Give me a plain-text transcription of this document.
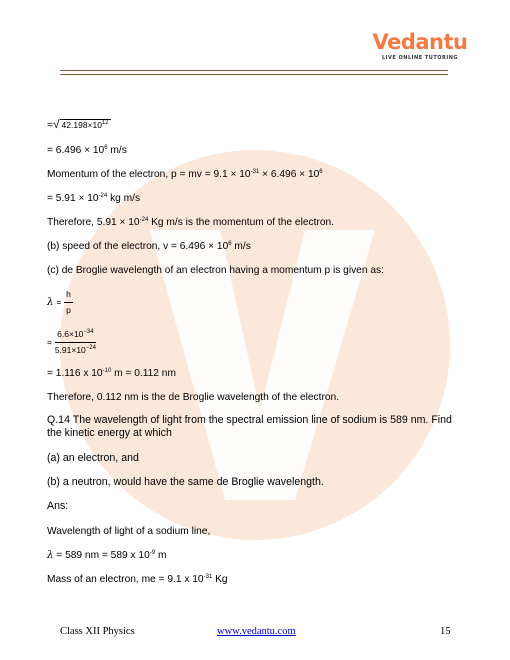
Vedantu
LIVE ONLINE TUTORING
=√ $42.198\times 10^{12}$
= $6.496 \times 10^6$ m/s
Momentum of the electron, p = mv = $9.1 \times 10^{-31} \times 6.496 \times 10^6$
= $5.91 \times 10^{-24}$ kg m/s
Therefore, $5.91 \times 10^{-24}$ Kg m/s is the momentum of the electron.
(b) speed of the electron, $v = 6.496 \times 10^6$ m/s
(c) de Broglie wavelength of an electron having a momentum p is given as:
$\lambda = \frac{h}{p}$
= $\frac{6.6\times 10^{-34}}{5.91\times 10^{-24}}$
= 1.116 x $10^{-10}$ m = 0.112 nm
Therefore, 0.112 nm is the de Broglie wavelength of the electron.
Q.14 The wavelength of light from the spectral emission line of sodium is 589 nm. Find
the kinetic energy at which
(a) an electron, and
(b) a neutron, would have the same de Broglie wavelength.
Ans:
Wavelength of light of a sodium line,
λ = 589 nm = 589 x $10^{-9}$ m
Mass of an electron, me = 9.1 x $10^{-31}$ Kg
Class XII Physics	www.vedantu.com	15
